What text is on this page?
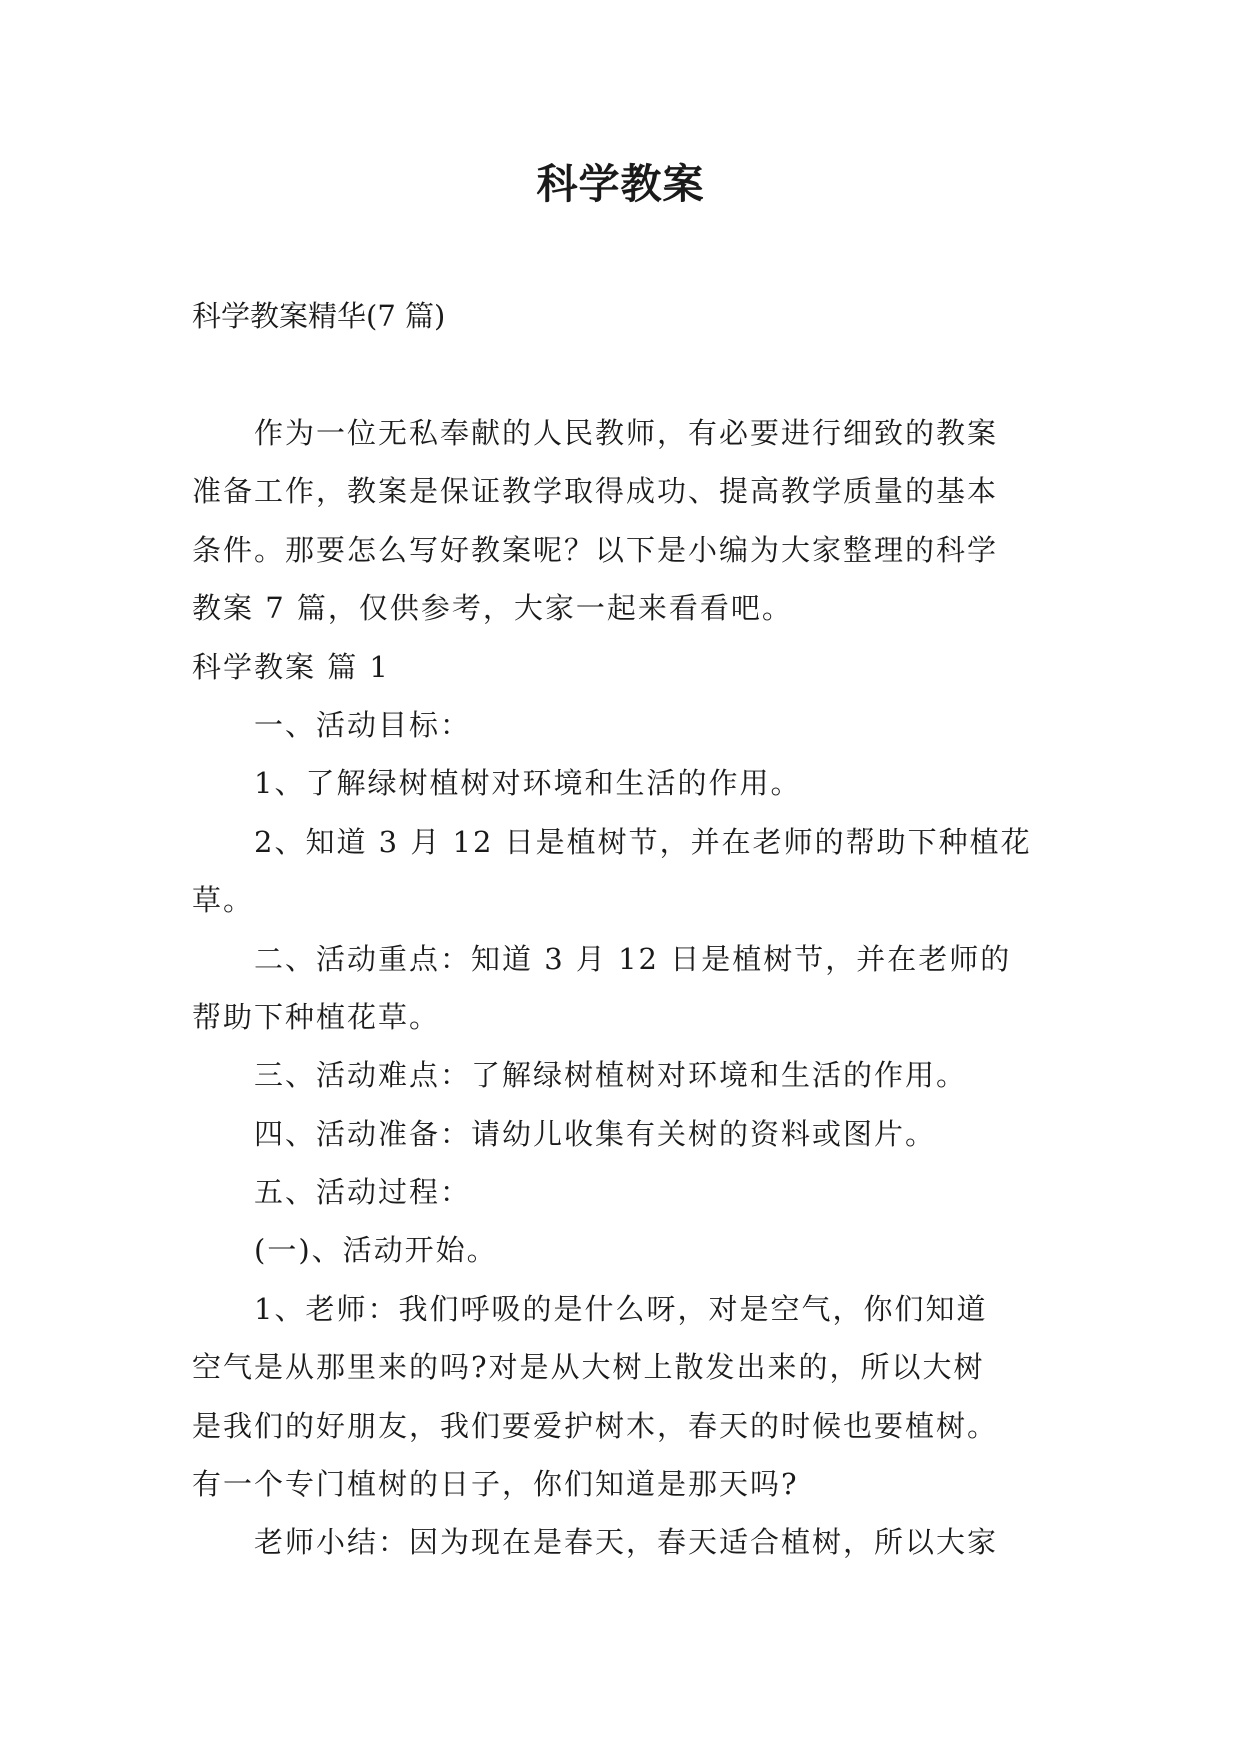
科学教案
科学教案精华(7 篇)
作为一位无私奉献的人民教师，有必要进行细致的教案
准备工作，教案是保证教学取得成功、提高教学质量的基本
条件。那要怎么写好教案呢？以下是小编为大家整理的科学
教案 7 篇，仅供参考，大家一起来看看吧。
科学教案 篇 1
一、活动目标：
1、了解绿树植树对环境和生活的作用。
2、知道 3 月 12 日是植树节，并在老师的帮助下种植花
草。
二、活动重点：知道 3 月 12 日是植树节，并在老师的
帮助下种植花草。
三、活动难点：了解绿树植树对环境和生活的作用。
四、活动准备：请幼儿收集有关树的资料或图片。
五、活动过程：
(一)、活动开始。
1、老师：我们呼吸的是什么呀，对是空气，你们知道
空气是从那里来的吗?对是从大树上散发出来的，所以大树
是我们的好朋友，我们要爱护树木，春天的时候也要植树。
有一个专门植树的日子，你们知道是那天吗?
老师小结：因为现在是春天，春天适合植树，所以大家
